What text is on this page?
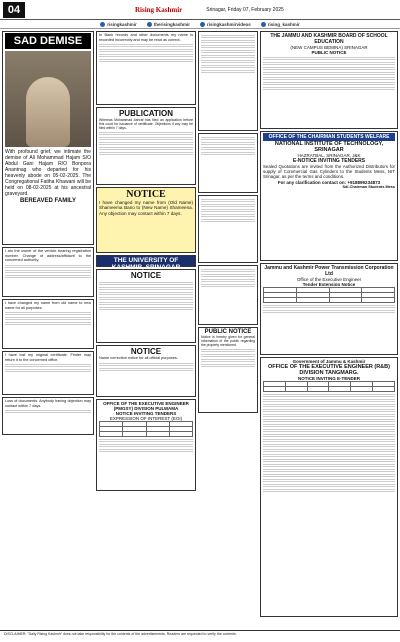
04	Rising Kashmir	Srinagar, Friday 07, February 2025
risingkashmir	therisingkashmir	risingkashmirvideos	rising_kashmir
SAD DEMISE
With profound grief, we intimate the demise of Ali Mohammad Hajam S/O Abdul Gani Hajam R/O Bonpora Anantnag who departed for his heavenly abode on 05-02-2025. The Congregational Fatiha Khawani will be held on 08-02-2025 at his ancestral graveyard.
BEREAVED FAMILY
I am the owner of the vehicle bearing registration number. Change of address/affidavit to the concerned authority.
I have changed my name from old name to new name for all purposes.
I have lost my original certificate. Finder may return it to the concerned office.
Loss of documents. Anybody having objection may contact within 7 days.
In Bank records and other documents my name is recorded incorrectly and may be read as correct.
PUBLICATION
Whereas Mohammad Ashraf has filed an application before this court for issuance of certificate. Objections if any may be filed within 7 days.
NOTICE
I have changed my name from (Old Name) Shameema Bano to (New Name) Shameena. Any objection may contact within 7 days.
THE UNIVERSITY OF KASHMIR, SRINAGAR
NOTICE
NOTICE
Name correction notice for all official purposes.
OFFICE OF THE EXECUTIVE ENGINEER (PMGSY) DIVISION PULWAMA
NOTICE INVITING TENDERS
EXPRESSION OF INTEREST (EOI)

PUBLIC NOTICE
Notice is hereby given for general information of the public regarding the property mentioned.
THE JAMMU AND KASHMIR BOARD OF SCHOOL EDUCATION
(NEW CAMPUS BEMINA) SRINAGAR
PUBLIC NOTICE
OFFICE OF THE CHAIRMAN STUDENTS WELFARE
NATIONAL INSTITUTE OF TECHNOLOGY, SRINAGAR
HAZRATBAL, SRINAGAR, J&K
E-NOTICE INVITING TENDERS
Sealed Quotations are invited from the Authorized Distributors for supply of Commercial Gas Cylinders to the Students Mess, NIT Srinagar, as per the terms and conditions.
For any clarification contact on: +918899234873
Sd/-Chairman Students Mess
Jammu and Kashmir Power Transmission Corporation Ltd
Office of the Executive Engineer
Tender Extension Notice

Government of Jammu & Kashmir
OFFICE OF THE EXECUTIVE ENGINEER (R&B) DIVISION TANGMARG.
NOTICE INVITING E-TENDER

DISCLAIMER: "Daily Rising Kashmir" does not take responsibility for the contents of the advertisements. Readers are requested to verify the contents.
